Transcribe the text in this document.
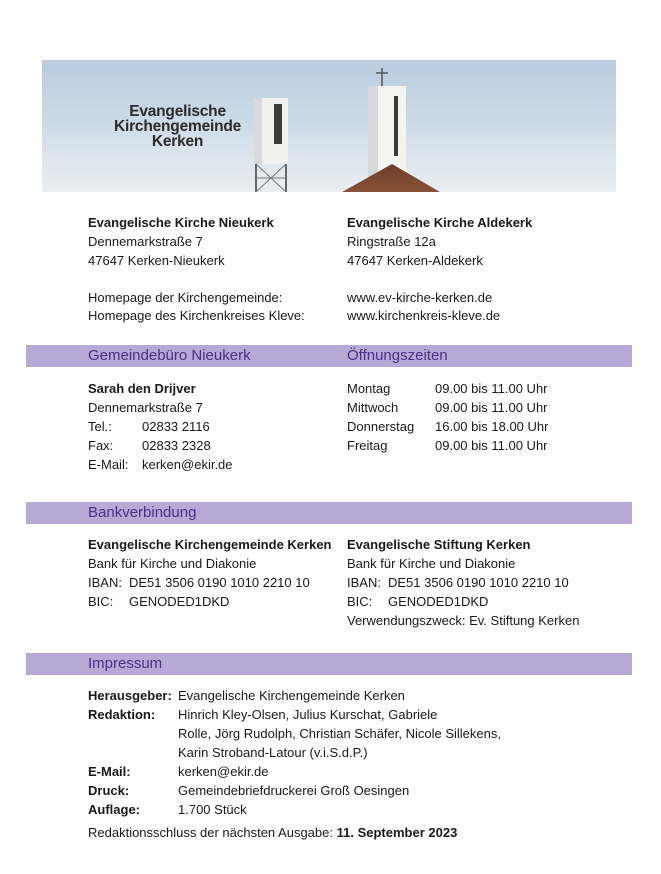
Evangelische
Kirchengemeinde
Kerken
Evangelische Kirche Nieukerk
Dennemarkstraße 7
47647 Kerken-Nieukerk
Evangelische Kirche Aldekerk
Ringstraße 12a
47647 Kerken-Aldekerk
Homepage der Kirchengemeinde:	www.ev-kirche-kerken.de
Homepage des Kirchenkreises Kleve:	www.kirchenkreis-kleve.de
Gemeindebüro Nieukerk	Öffnungszeiten
Sarah den Drijver
Dennemarkstraße 7
Tel.: 02833 2116
Fax: 02833 2328
E-Mail: kerken@ekir.de
Montag	09.00 bis 11.00 Uhr
Mittwoch	09.00 bis 11.00 Uhr
Donnerstag 16.00 bis 18.00 Uhr
Freitag	09.00 bis 11.00 Uhr
Bankverbindung
Evangelische Kirchengemeinde Kerken
Bank für Kirche und Diakonie
IBAN: DE51 3506 0190 1010 2210 10
BIC: GENODED1DKD
Evangelische Stiftung Kerken
Bank für Kirche und Diakonie
IBAN: DE51 3506 0190 1010 2210 10
BIC: GENODED1DKD
Verwendungszweck: Ev. Stiftung Kerken
Impressum
Herausgeber: Evangelische Kirchengemeinde Kerken
Redaktion: Hinrich Kley-Olsen, Julius Kurschat, Gabriele
Rolle, Jörg Rudolph, Christian Schäfer, Nicole Sillekens,
Karin Stroband-Latour (v.i.S.d.P.)
E-Mail:	kerken@ekir.de
Druck:	Gemeindebriefdruckerei Groß Oesingen
Auflage:	1.700 Stück
Redaktionsschluss der nächsten Ausgabe: 11. September 2023
